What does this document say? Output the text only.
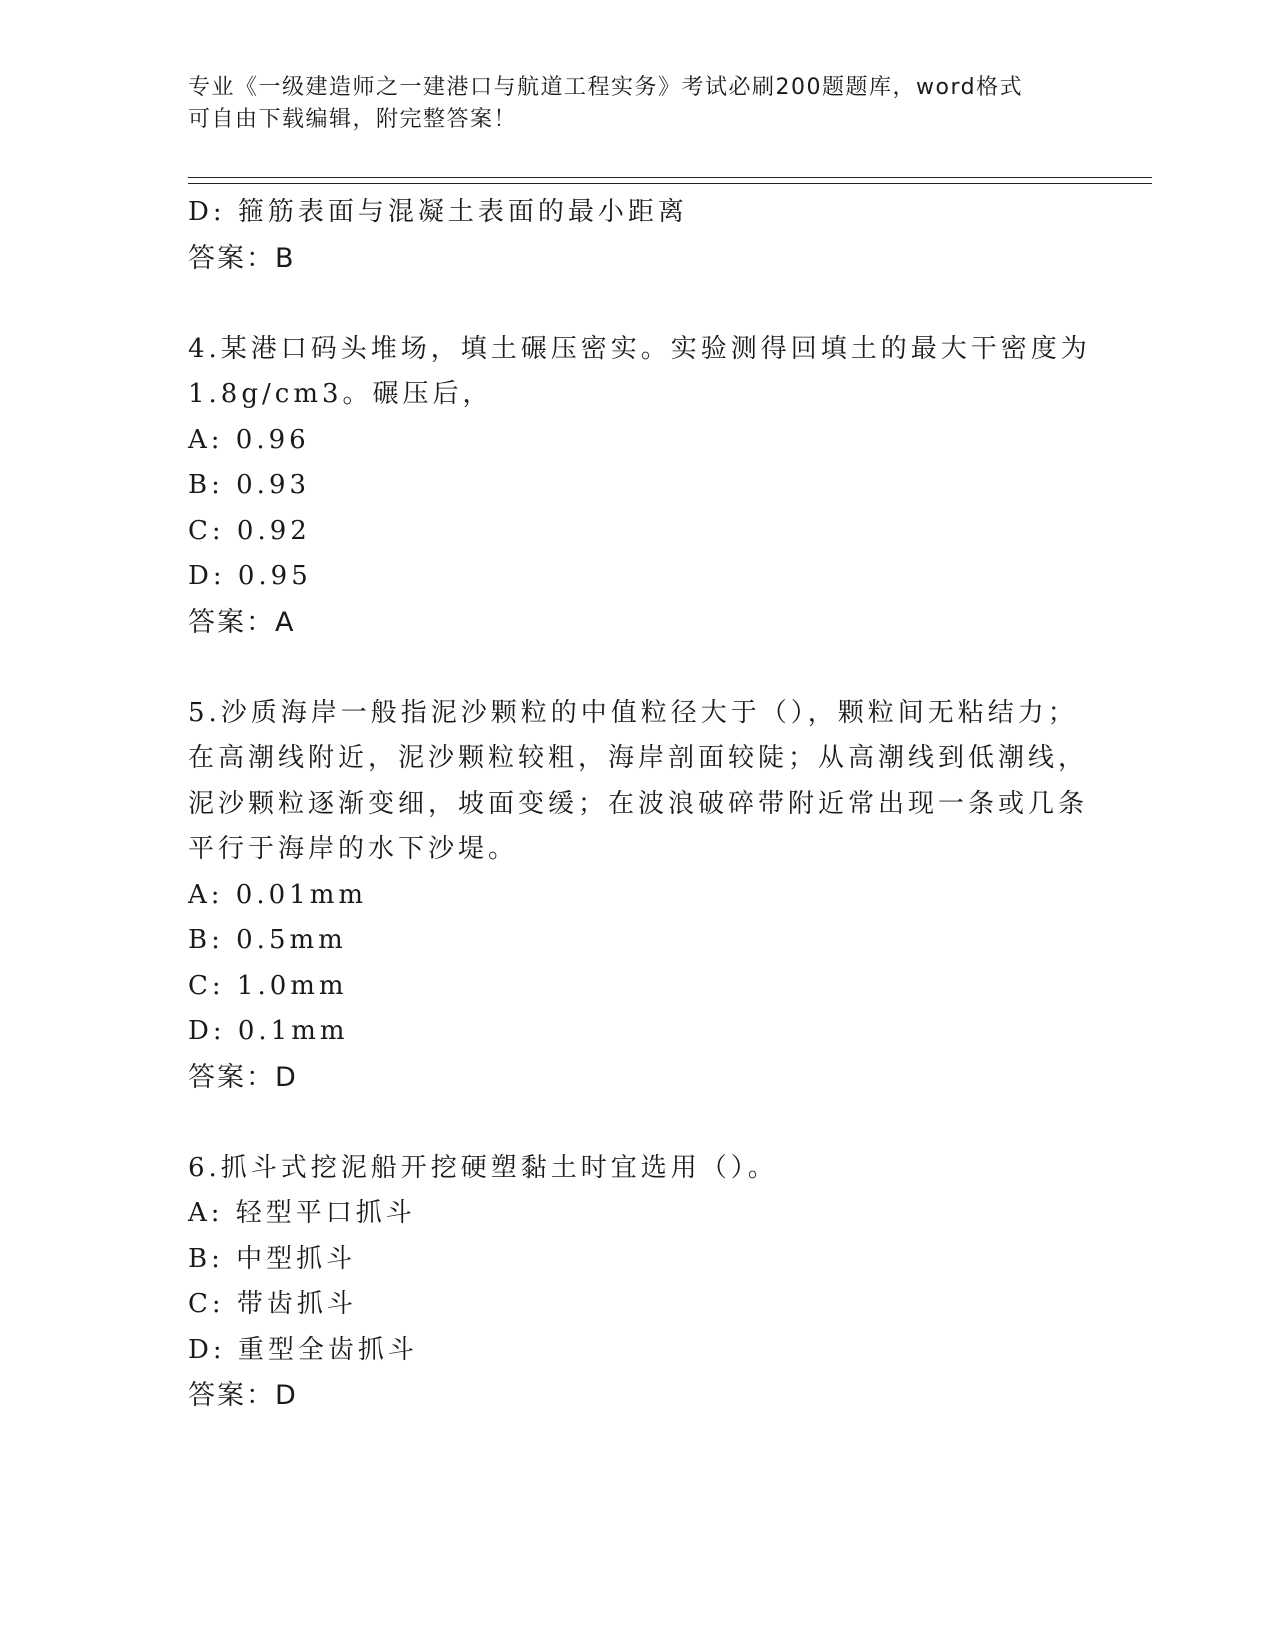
专业《一级建造师之一建港口与航道工程实务》考试必刷200题题库，word格式
可自由下载编辑，附完整答案！
D: 箍筋表面与混凝土表面的最小距离
答案：B
4.某港口码头堆场，填土碾压密实。实验测得回填土的最大干密度为
1.8g/cm3。碾压后，
A: 0.96
B: 0.93
C: 0.92
D: 0.95
答案：A
5.沙质海岸一般指泥沙颗粒的中值粒径大于（），颗粒间无粘结力；
在高潮线附近，泥沙颗粒较粗，海岸剖面较陡；从高潮线到低潮线，
泥沙颗粒逐渐变细，坡面变缓；在波浪破碎带附近常出现一条或几条
平行于海岸的水下沙堤。
A: 0.01mm
B: 0.5mm
C: 1.0mm
D: 0.1mm
答案：D
6.抓斗式挖泥船开挖硬塑黏土时宜选用（）。
A: 轻型平口抓斗
B: 中型抓斗
C: 带齿抓斗
D: 重型全齿抓斗
答案：D
